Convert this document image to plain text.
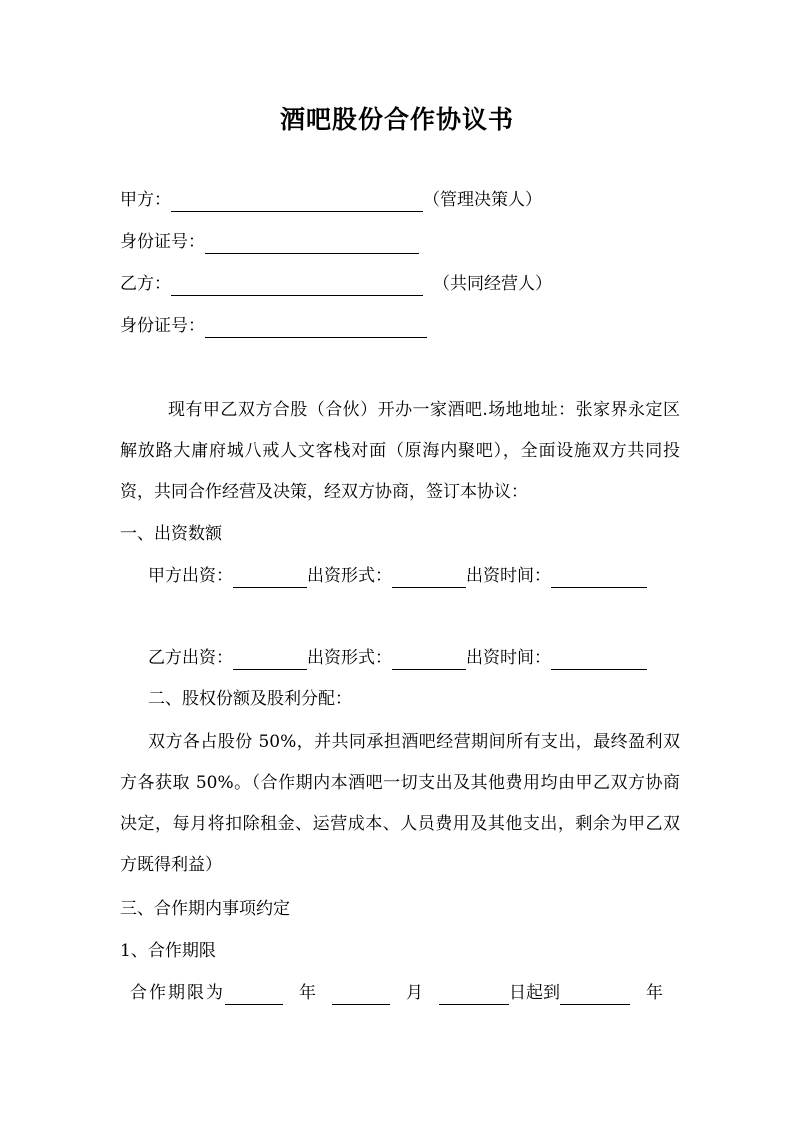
酒吧股份合作协议书
甲方：	（管理决策人）
身份证号：
乙方：	（共同经营人）
身份证号：
现有甲乙双方合股（合伙）开办一家酒吧.场地地址：张家界永定区解放路大庸府城八戒人文客栈对面（原海内聚吧），全面设施双方共同投资，共同合作经营及决策，经双方协商，签订本协议：
一、出资数额
甲方出资：	出资形式：	出资时间：
乙方出资：	出资形式：	出资时间：
二、股权份额及股利分配：
双方各占股份 50%，并共同承担酒吧经营期间所有支出，最终盈利双方各获取 50%。（合作期内本酒吧一切支出及其他费用均由甲乙双方协商决定，每月将扣除租金、运营成本、人员费用及其他支出，剩余为甲乙双方既得利益）
三、合作期内事项约定
1、合作期限
合作期限为	年	月	日起到	年
